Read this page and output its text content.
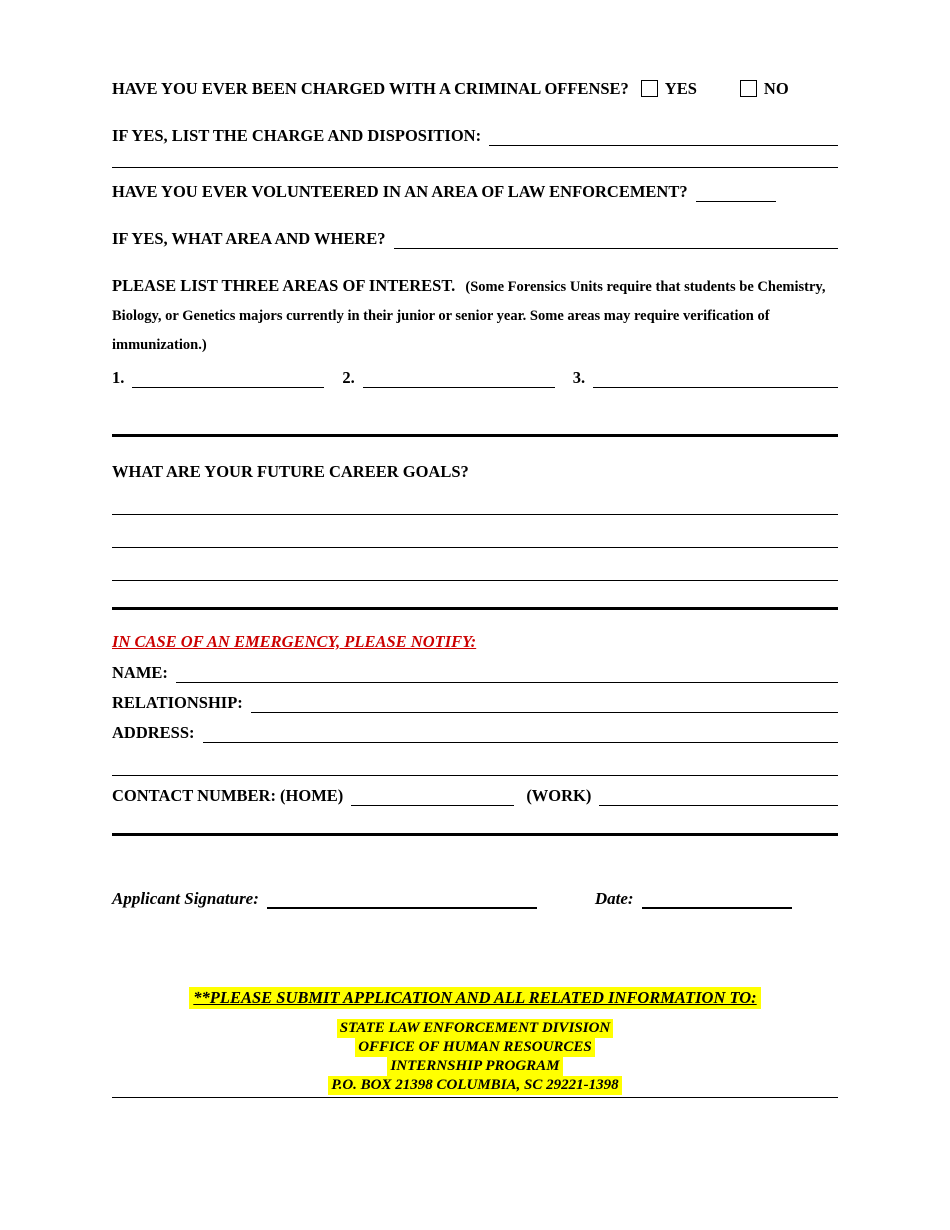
HAVE YOU EVER BEEN CHARGED WITH A CRIMINAL OFFENSE?	YES	NO
IF YES, LIST THE CHARGE AND DISPOSITION:
HAVE YOU EVER VOLUNTEERED IN AN AREA OF LAW ENFORCEMENT?
IF YES, WHAT AREA AND WHERE?

PLEASE LIST THREE AREAS OF INTEREST. (Some Forensics Units require that students be Chemistry, Biology, or Genetics majors currently in their junior or senior year. Some areas may require verification of immunization.)

1.	2.	3.
WHAT ARE YOUR FUTURE CAREER GOALS?

IN CASE OF AN EMERGENCY, PLEASE NOTIFY:

NAME:
RELATIONSHIP:
ADDRESS:
CONTACT NUMBER: (HOME)	(WORK)
Applicant Signature:	Date:
**PLEASE SUBMIT APPLICATION AND ALL RELATED INFORMATION TO:
STATE LAW ENFORCEMENT DIVISION
OFFICE OF HUMAN RESOURCES
INTERNSHIP PROGRAM
P.O. BOX 21398 COLUMBIA, SC 29221-1398
